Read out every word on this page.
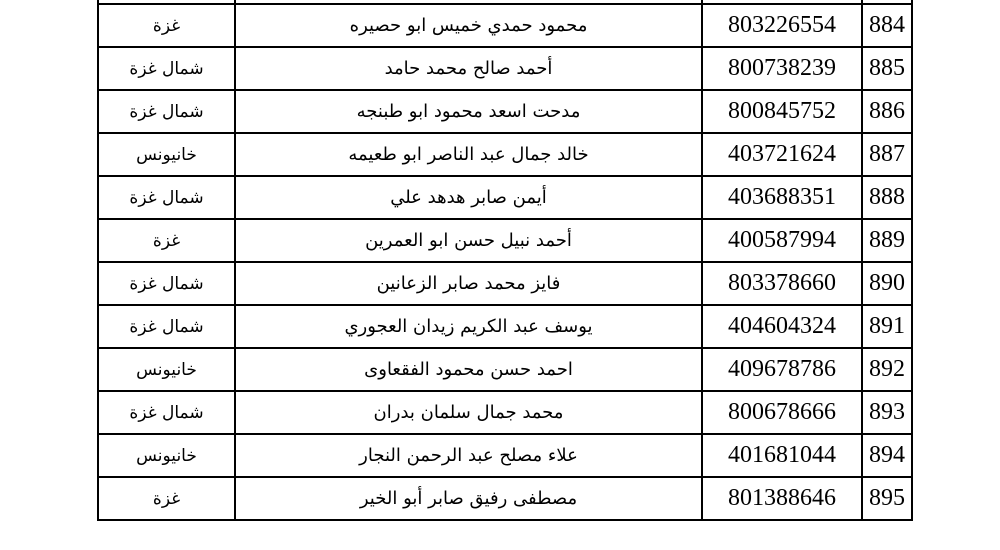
غزة	محمود حمدي خميس ابو حصيره	803226554	884
شمال غزة	أحمد صالح محمد حامد	800738239	885
شمال غزة	مدحت اسعد محمود ابو طبنجه	800845752	886
خانيونس	خالد جمال عبد الناصر ابو طعيمه	403721624	887
شمال غزة	أيمن صابر هدهد علي	403688351	888
غزة	أحمد نبيل حسن ابو العمرين	400587994	889
شمال غزة	فايز محمد صابر الزعانين	803378660	890
شمال غزة	يوسف عبد الكريم زيدان العجوري	404604324	891
خانيونس	احمد حسن محمود الفقعاوى	409678786	892
شمال غزة	محمد جمال سلمان بدران	800678666	893
خانيونس	علاء مصلح عبد الرحمن النجار	401681044	894
غزة	مصطفى رفيق صابر أبو الخير	801388646	895
